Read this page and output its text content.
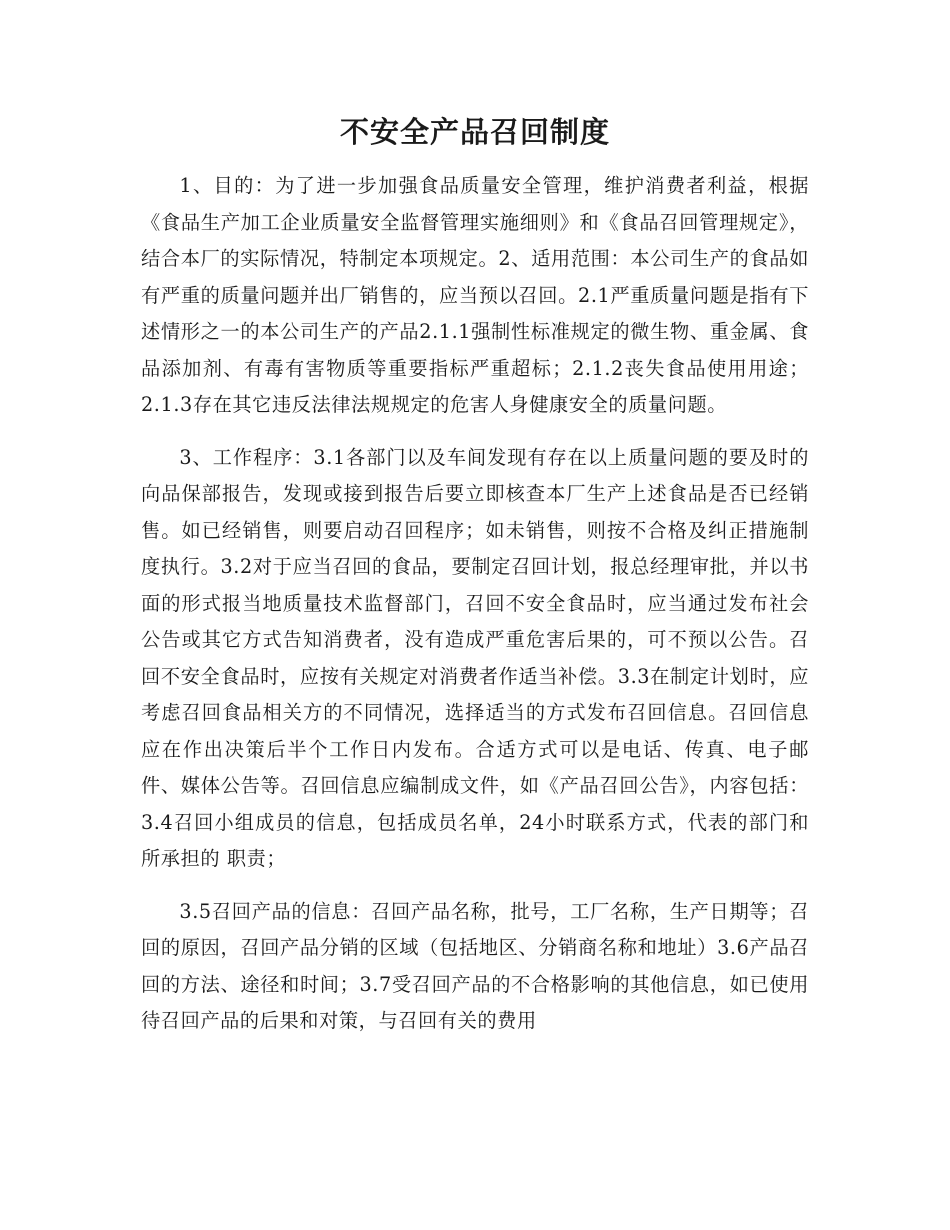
不安全产品召回制度

1、目的：为了进一步加强食品质量安全管理，维护消费者利益，根据《食品生产加工企业质量安全监督管理实施细则》和《食品召回管理规定》，结合本厂的实际情况，特制定本项规定。2、适用范围：本公司生产的食品如有严重的质量问题并出厂销售的，应当预以召回。2.1严重质量问题是指有下述情形之一的本公司生产的产品2.1.1强制性标准规定的微生物、重金属、食品添加剂、有毒有害物质等重要指标严重超标；2.1.2丧失食品使用用途；2.1.3存在其它违反法律法规规定的危害人身健康安全的质量问题。

3、工作程序：3.1各部门以及车间发现有存在以上质量问题的要及时的向品保部报告，发现或接到报告后要立即核查本厂生产上述食品是否已经销售。如已经销售，则要启动召回程序；如未销售，则按不合格及纠正措施制度执行。3.2对于应当召回的食品，要制定召回计划，报总经理审批，并以书面的形式报当地质量技术监督部门，召回不安全食品时，应当通过发布社会公告或其它方式告知消费者，没有造成严重危害后果的，可不预以公告。召回不安全食品时，应按有关规定对消费者作适当补偿。3.3在制定计划时，应考虑召回食品相关方的不同情况，选择适当的方式发布召回信息。召回信息应在作出决策后半个工作日内发布。合适方式可以是电话、传真、电子邮件、媒体公告等。召回信息应编制成文件，如《产品召回公告》，内容包括：3.4召回小组成员的信息，包括成员名单，24小时联系方式，代表的部门和所承担的 职责；

3.5召回产品的信息：召回产品名称，批号，工厂名称，生产日期等；召回的原因，召回产品分销的区域（包括地区、分销商名称和地址）3.6产品召回的方法、途径和时间；3.7受召回产品的不合格影响的其他信息，如已使用待召回产品的后果和对策，与召回有关的费用
